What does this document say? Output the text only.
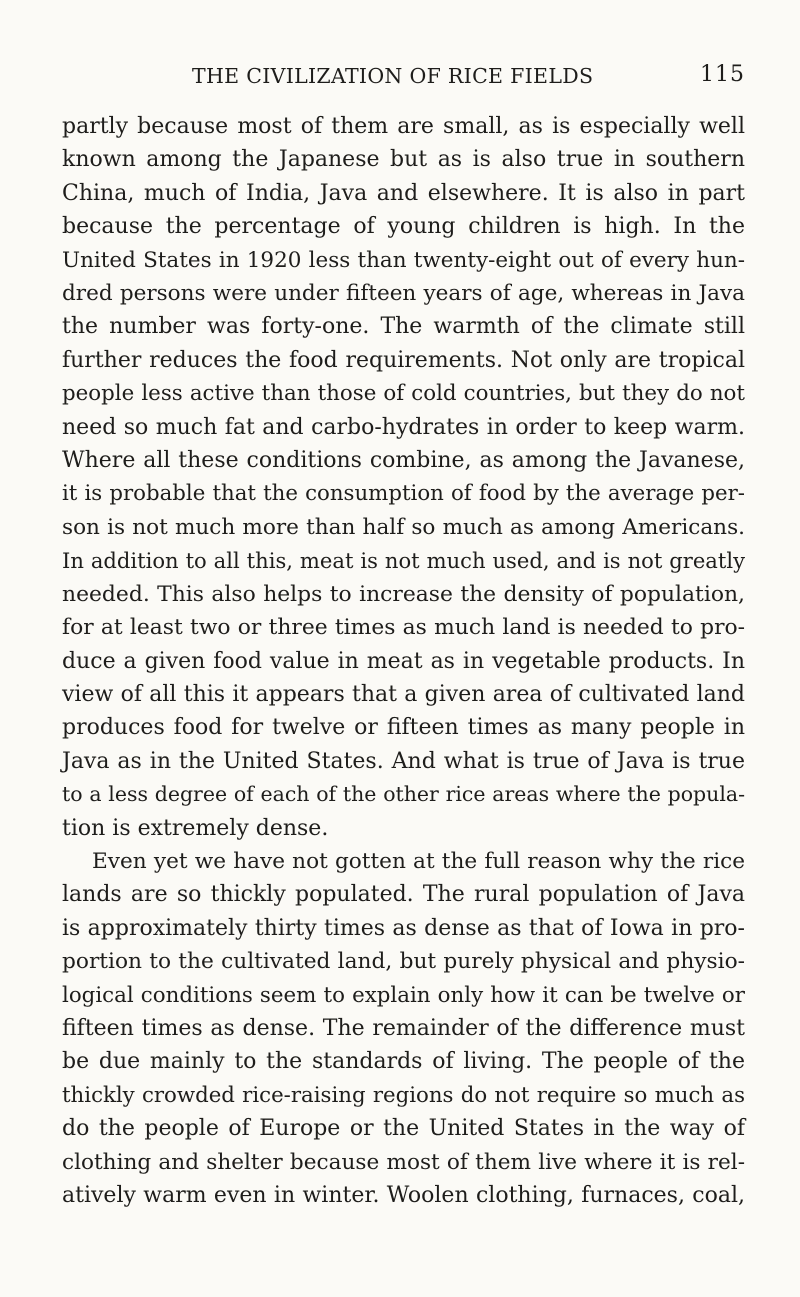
THE CIVILIZATION OF RICE FIELDS	115

partly because most of them are small, as is especially well
known among the Japanese but as is also true in southern
China, much of India, Java and elsewhere. It is also in part
because the percentage of young children is high. In the
United States in 1920 less than twenty-eight out of every hun-
dred persons were under fifteen years of age, whereas in Java
the number was forty-one. The warmth of the climate still
further reduces the food requirements. Not only are tropical
people less active than those of cold countries, but they do not
need so much fat and carbo-hydrates in order to keep warm.
Where all these conditions combine, as among the Javanese,
it is probable that the consumption of food by the average per-
son is not much more than half so much as among Americans.
In addition to all this, meat is not much used, and is not greatly
needed. This also helps to increase the density of population,
for at least two or three times as much land is needed to pro-
duce a given food value in meat as in vegetable products. In
view of all this it appears that a given area of cultivated land
produces food for twelve or fifteen times as many people in
Java as in the United States. And what is true of Java is true
to a less degree of each of the other rice areas where the popula-
tion is extremely dense.

Even yet we have not gotten at the full reason why the rice
lands are so thickly populated. The rural population of Java
is approximately thirty times as dense as that of Iowa in pro-
portion to the cultivated land, but purely physical and physio-
logical conditions seem to explain only how it can be twelve or
fifteen times as dense. The remainder of the difference must
be due mainly to the standards of living. The people of the
thickly crowded rice-raising regions do not require so much as
do the people of Europe or the United States in the way of
clothing and shelter because most of them live where it is rel-
atively warm even in winter. Woolen clothing, furnaces, coal,
